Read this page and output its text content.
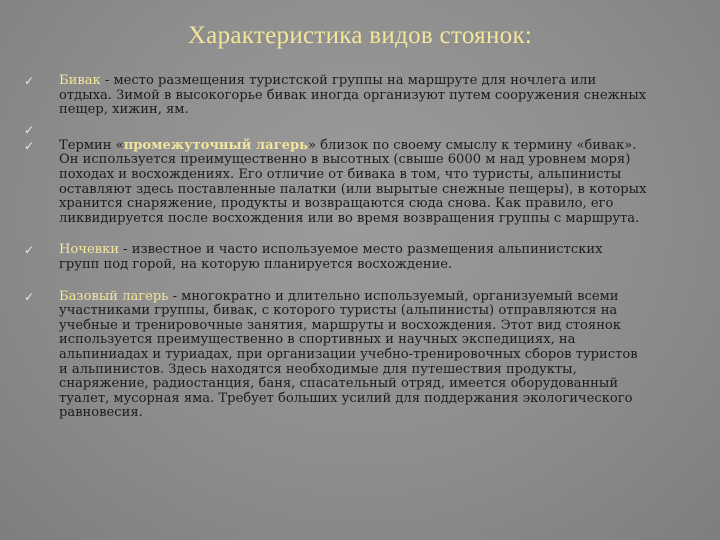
Характеристика видов стоянок:
✓ Бивак - место размещения туристской группы на маршруте для ночлега или
отдыха. Зимой в высокогорье бивак иногда организуют путем сооружения снежных
пещер, хижин, ям.
✓
✓ Термин «промежуточный лагерь» близок по своему смыслу к термину «бивак».
Он используется преимущественно в высотных (свыше 6000 м над уровнем моря)
походах и восхождениях. Его отличие от бивака в том, что туристы, альпинисты
оставляют здесь поставленные палатки (или вырытые снежные пещеры), в которых
хранится снаряжение, продукты и возвращаются сюда снова. Как правило, его
ликвидируется после восхождения или во время возвращения группы с маршрута.
✓ Ночевки - известное и часто используемое место размещения альпинистских
групп под горой, на которую планируется восхождение.
✓ Базовый лагерь - многократно и длительно используемый, организуемый всеми
участниками группы, бивак, с которого туристы (альпинисты) отправляются на
учебные и тренировочные занятия, маршруты и восхождения. Этот вид стоянок
используется преимущественно в спортивных и научных экспедициях, на
альпиниадах и туриадах, при организации учебно-тренировочных сборов туристов
и альпинистов. Здесь находятся необходимые для путешествия продукты,
снаряжение, радиостанция, баня, спасательный отряд, имеется оборудованный
туалет, мусорная яма. Требует больших усилий для поддержания экологического
равновесия.
